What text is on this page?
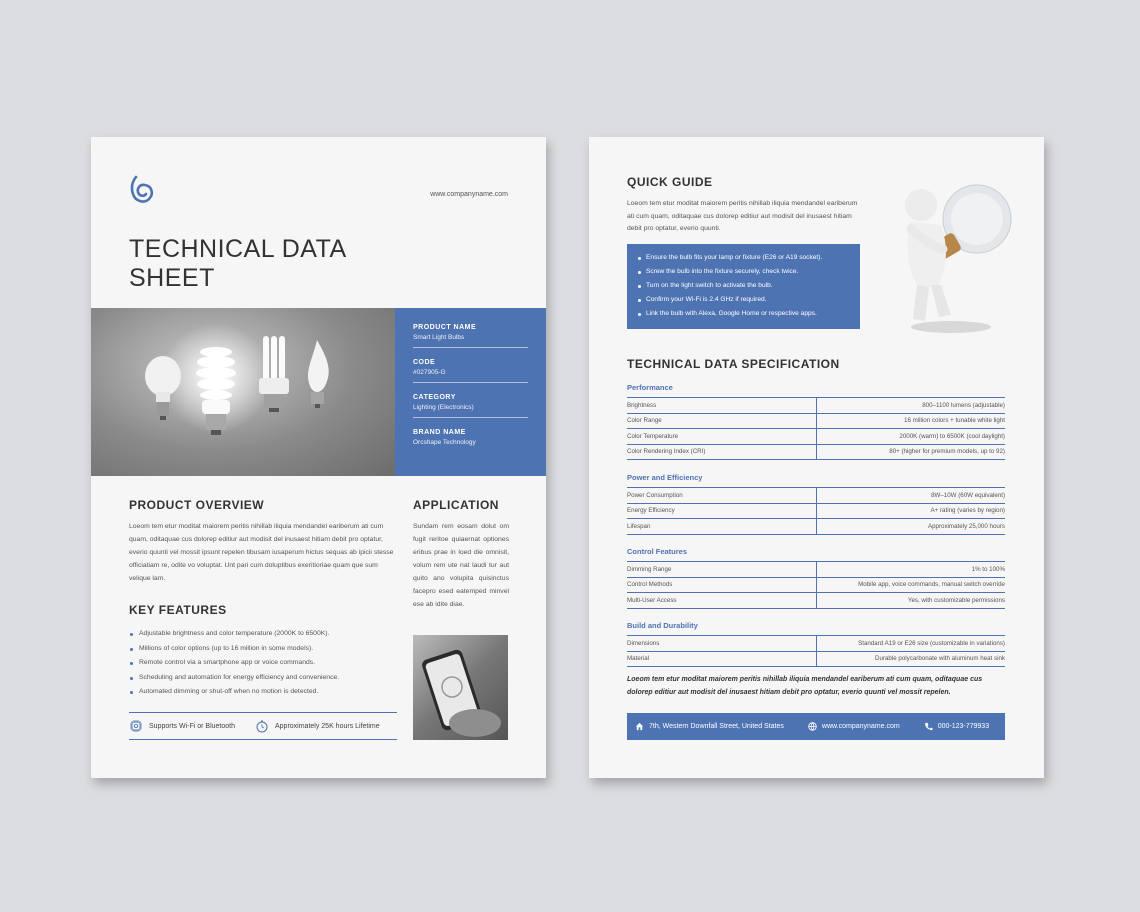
www.companyname.com
TECHNICAL DATA SHEET
PRODUCT NAME
Smart Light Bulbs
CODE
#027905-G
CATEGORY
Lighting (Electronics)
BRAND NAME
Orcshape Technology
PRODUCT OVERVIEW
Loeom tem etur moditat maiorem peritis nihillab iliquia mendandel eariberum ati cum quam, oditaquae cus dolorep editiur aut modisit del inusaest hitiam debit pro optatur, everio quunti vel mossit ipsunt repelen tibusam iusaperum hictus sequas ab ipicii stesse officiatiam re, odite vo voluptat. Unt pari cum doluptibus exeritioriae quam que sum velique lam.
APPLICATION
Sundam rem eosam dolut om fugit reritoe quiaernat optiones eribus prae in loed die omnisit, volum rem ute nat laudi tur aut quito ano volupita quisinctus facepro esed eatemped minvel ese ab idite diae.
KEY FEATURES
Adjustable brightness and color temperature (2000K to 6500K).
Millions of color options (up to 16 million in some models).
Remote control via a smartphone app or voice commands.
Scheduling and automation for energy efficiency and convenience.
Automated dimming or shut-off when no motion is detected.
Supports Wi-Fi or Bluetooth	Approximately 25K hours Lifetime
QUICK GUIDE
Loeom tem etur moditat maiorem peritis nihillab iliquia mendandel eariberum ati cum quam, oditaquae cus dolorep editiur aut modisit del inusaest hitiam debit pro optatur, everio quunti.
Ensure the bulb fits your lamp or fixture (E26 or A19 socket).
Screw the bulb into the fixture securely, check twice.
Turn on the light switch to activate the bulb.
Confirm your Wi-Fi is 2.4 GHz if required.
Link the bulb with Alexa, Google Home or respective apps.
TECHNICAL DATA SPECIFICATION
Performance
Brightness	800–1100 lumens (adjustable)
Color Range	16 million colors + tunable white light
Color Temperature	2000K (warm) to 6500K (cool daylight)
Color Rendering Index (CRI)	80+ (higher for premium models, up to 92)
Power and Efficiency
Power Consumption	8W–10W (60W equivalent)
Energy Efficiency	A+ rating (varies by region)
Lifespan	Approximately 25,000 hours
Control Features
Dimming Range	1% to 100%
Control Methods	Mobile app, voice commands, manual switch override
Multi-User Access	Yes, with customizable permissions
Build and Durability
Dimensions	Standard A19 or E26 size (customizable in variations)
Material	Durable polycarbonate with aluminum heat sink
Loeom tem etur moditat maiorem peritis nihillab iliquia mendandel eariberum ati cum quam, oditaquae cus dolorep editiur aut modisit del inusaest hitiam debit pro optatur, everio quunti vel mossit repelen.
7th, Western Downfall Street, United States	www.companyname.com	000-123-779933
